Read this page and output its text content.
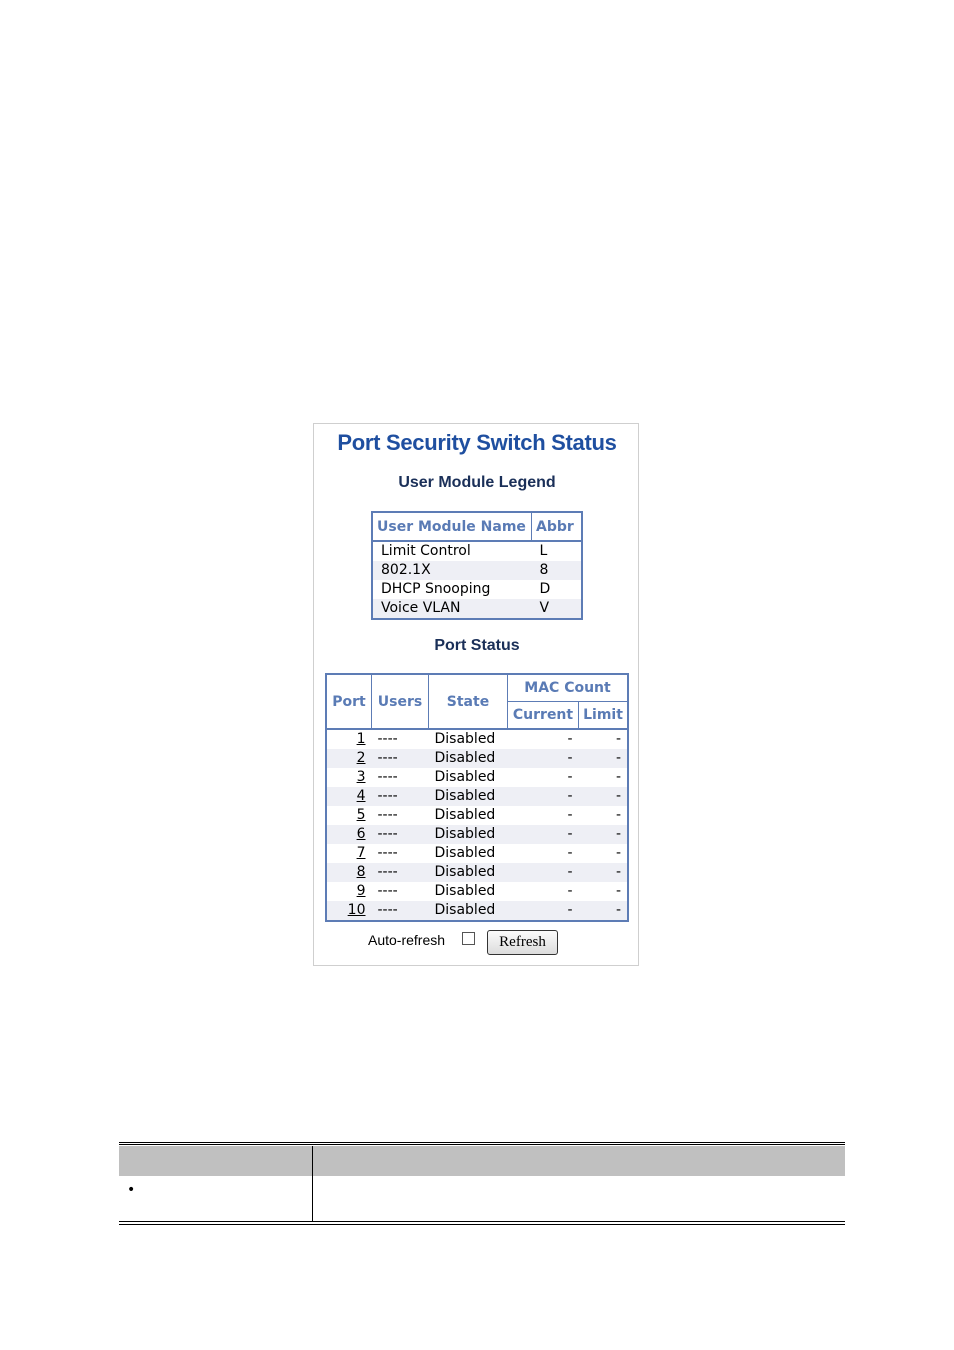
Port Security Switch Status
User Module Legend
User Module Name	Abbr
Limit Control	L
802.1X	8
DHCP Snooping	D
Voice VLAN	V
Port Status
Port	Users	State	MAC Count	
			Current	Limit
1	----	Disabled	-	-
2	----	Disabled	-	-
3	----	Disabled	-	-
4	----	Disabled	-	-
5	----	Disabled	-	-
6	----	Disabled	-	-
7	----	Disabled	-	-
8	----	Disabled	-	-
9	----	Disabled	-	-
10	----	Disabled	-	-
Auto-refresh	Refresh
•
